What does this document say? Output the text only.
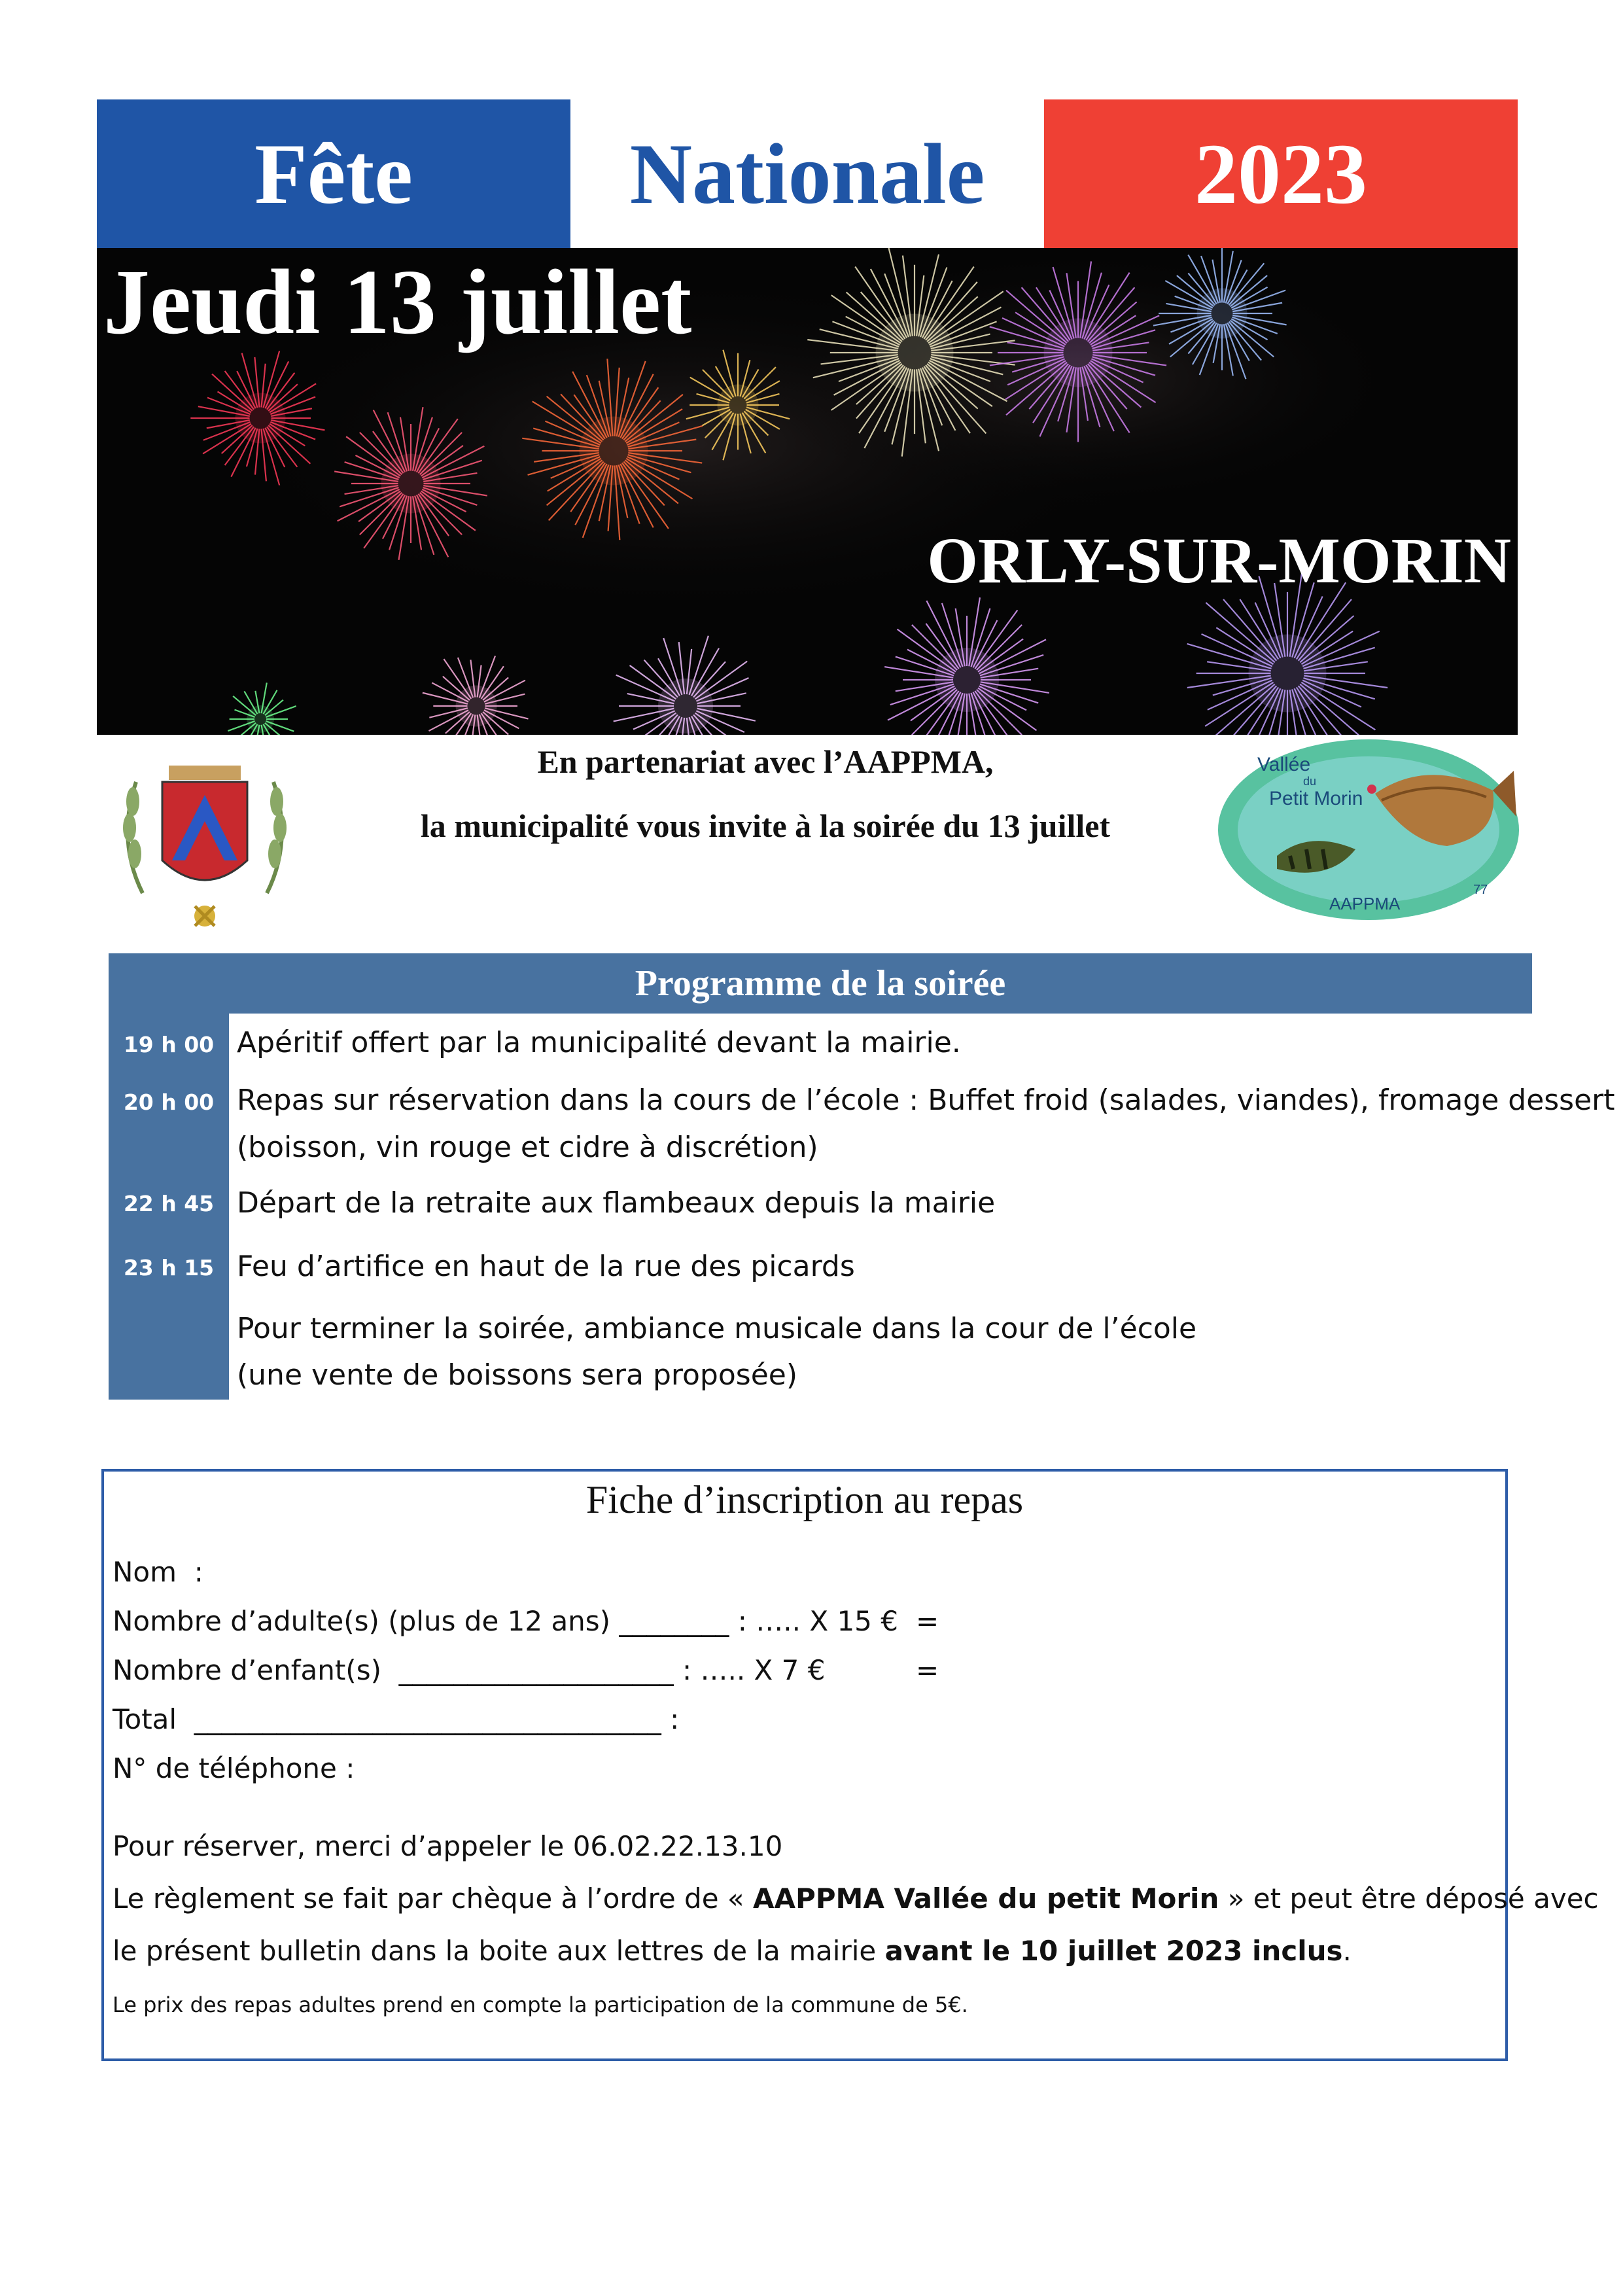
Fête	Nationale	2023
Jeudi 13 juillet
ORLY-SUR-MORIN
En partenariat avec l’AAPPMA,
la municipalité vous invite à la soirée du 13 juillet
Vallée
du
Petit Morin
AAPPMA
77
Programme de la soirée
19 h 00 Apéritif offert par la municipalité devant la mairie.
20 h 00 Repas sur réservation dans la cours de l’école : Buffet froid (salades, viandes), fromage dessert
(boisson, vin rouge et cidre à discrétion)
22 h 45 Départ de la retraite aux flambeaux depuis la mairie
23 h 15 Feu d’artifice en haut de la rue des picards
Pour terminer la soirée, ambiance musicale dans la cour de l’école
(une vente de boissons sera proposée)
Fiche d’inscription au repas
Nom  :
Nombre d’adulte(s) (plus de 12 ans) ________ : ….. X 15 € =
Nombre d’enfant(s)  ____________________ : ….. X 7 €	=
Total  __________________________________ :
N° de téléphone :
Pour réserver, merci d’appeler le 06.02.22.13.10
Le règlement se fait par chèque à l’ordre de « AAPPMA Vallée du petit Morin » et peut être déposé avec
le présent bulletin dans la boite aux lettres de la mairie avant le 10 juillet 2023 inclus.
Le prix des repas adultes prend en compte la participation de la commune de 5€.
